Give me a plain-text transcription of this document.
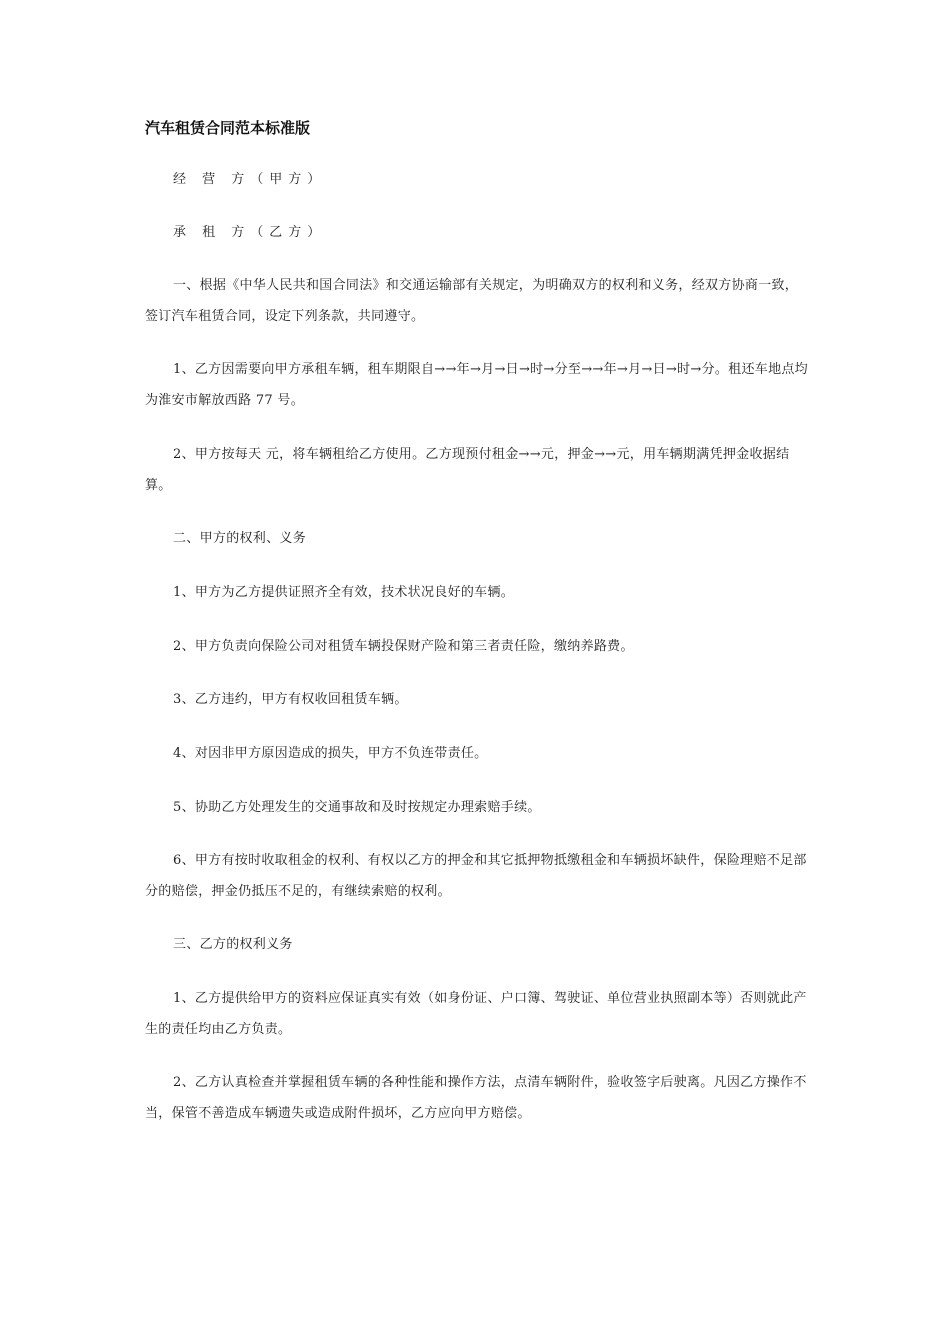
汽车租赁合同范本标准版

经 营 方（甲方）

承 租 方（乙方）

一、根据《中华人民共和国合同法》和交通运输部有关规定，为明确双方的权利和义务，经双方协商一致，签订汽车租赁合同，设定下列条款，共同遵守。

1、乙方因需要向甲方承租车辆，租车期限自→→年→月→日→时→分至→→年→月→日→时→分。租还车地点均为淮安市解放西路 77 号。

2、甲方按每天 元，将车辆租给乙方使用。乙方现预付租金→→元，押金→→元，用车辆期满凭押金收据结算。

二、甲方的权利、义务

1、甲方为乙方提供证照齐全有效，技术状况良好的车辆。

2、甲方负责向保险公司对租赁车辆投保财产险和第三者责任险，缴纳养路费。

3、乙方违约，甲方有权收回租赁车辆。

4、对因非甲方原因造成的损失，甲方不负连带责任。

5、协助乙方处理发生的交通事故和及时按规定办理索赔手续。

6、甲方有按时收取租金的权利、有权以乙方的押金和其它抵押物抵缴租金和车辆损坏缺件，保险理赔不足部分的赔偿，押金仍抵压不足的，有继续索赔的权利。

三、乙方的权利义务

1、乙方提供给甲方的资料应保证真实有效（如身份证、户口簿、驾驶证、单位营业执照副本等）否则就此产生的责任均由乙方负责。

2、乙方认真检查并掌握租赁车辆的各种性能和操作方法，点清车辆附件，验收签字后驶离。凡因乙方操作不当，保管不善造成车辆遗失或造成附件损坏，乙方应向甲方赔偿。
